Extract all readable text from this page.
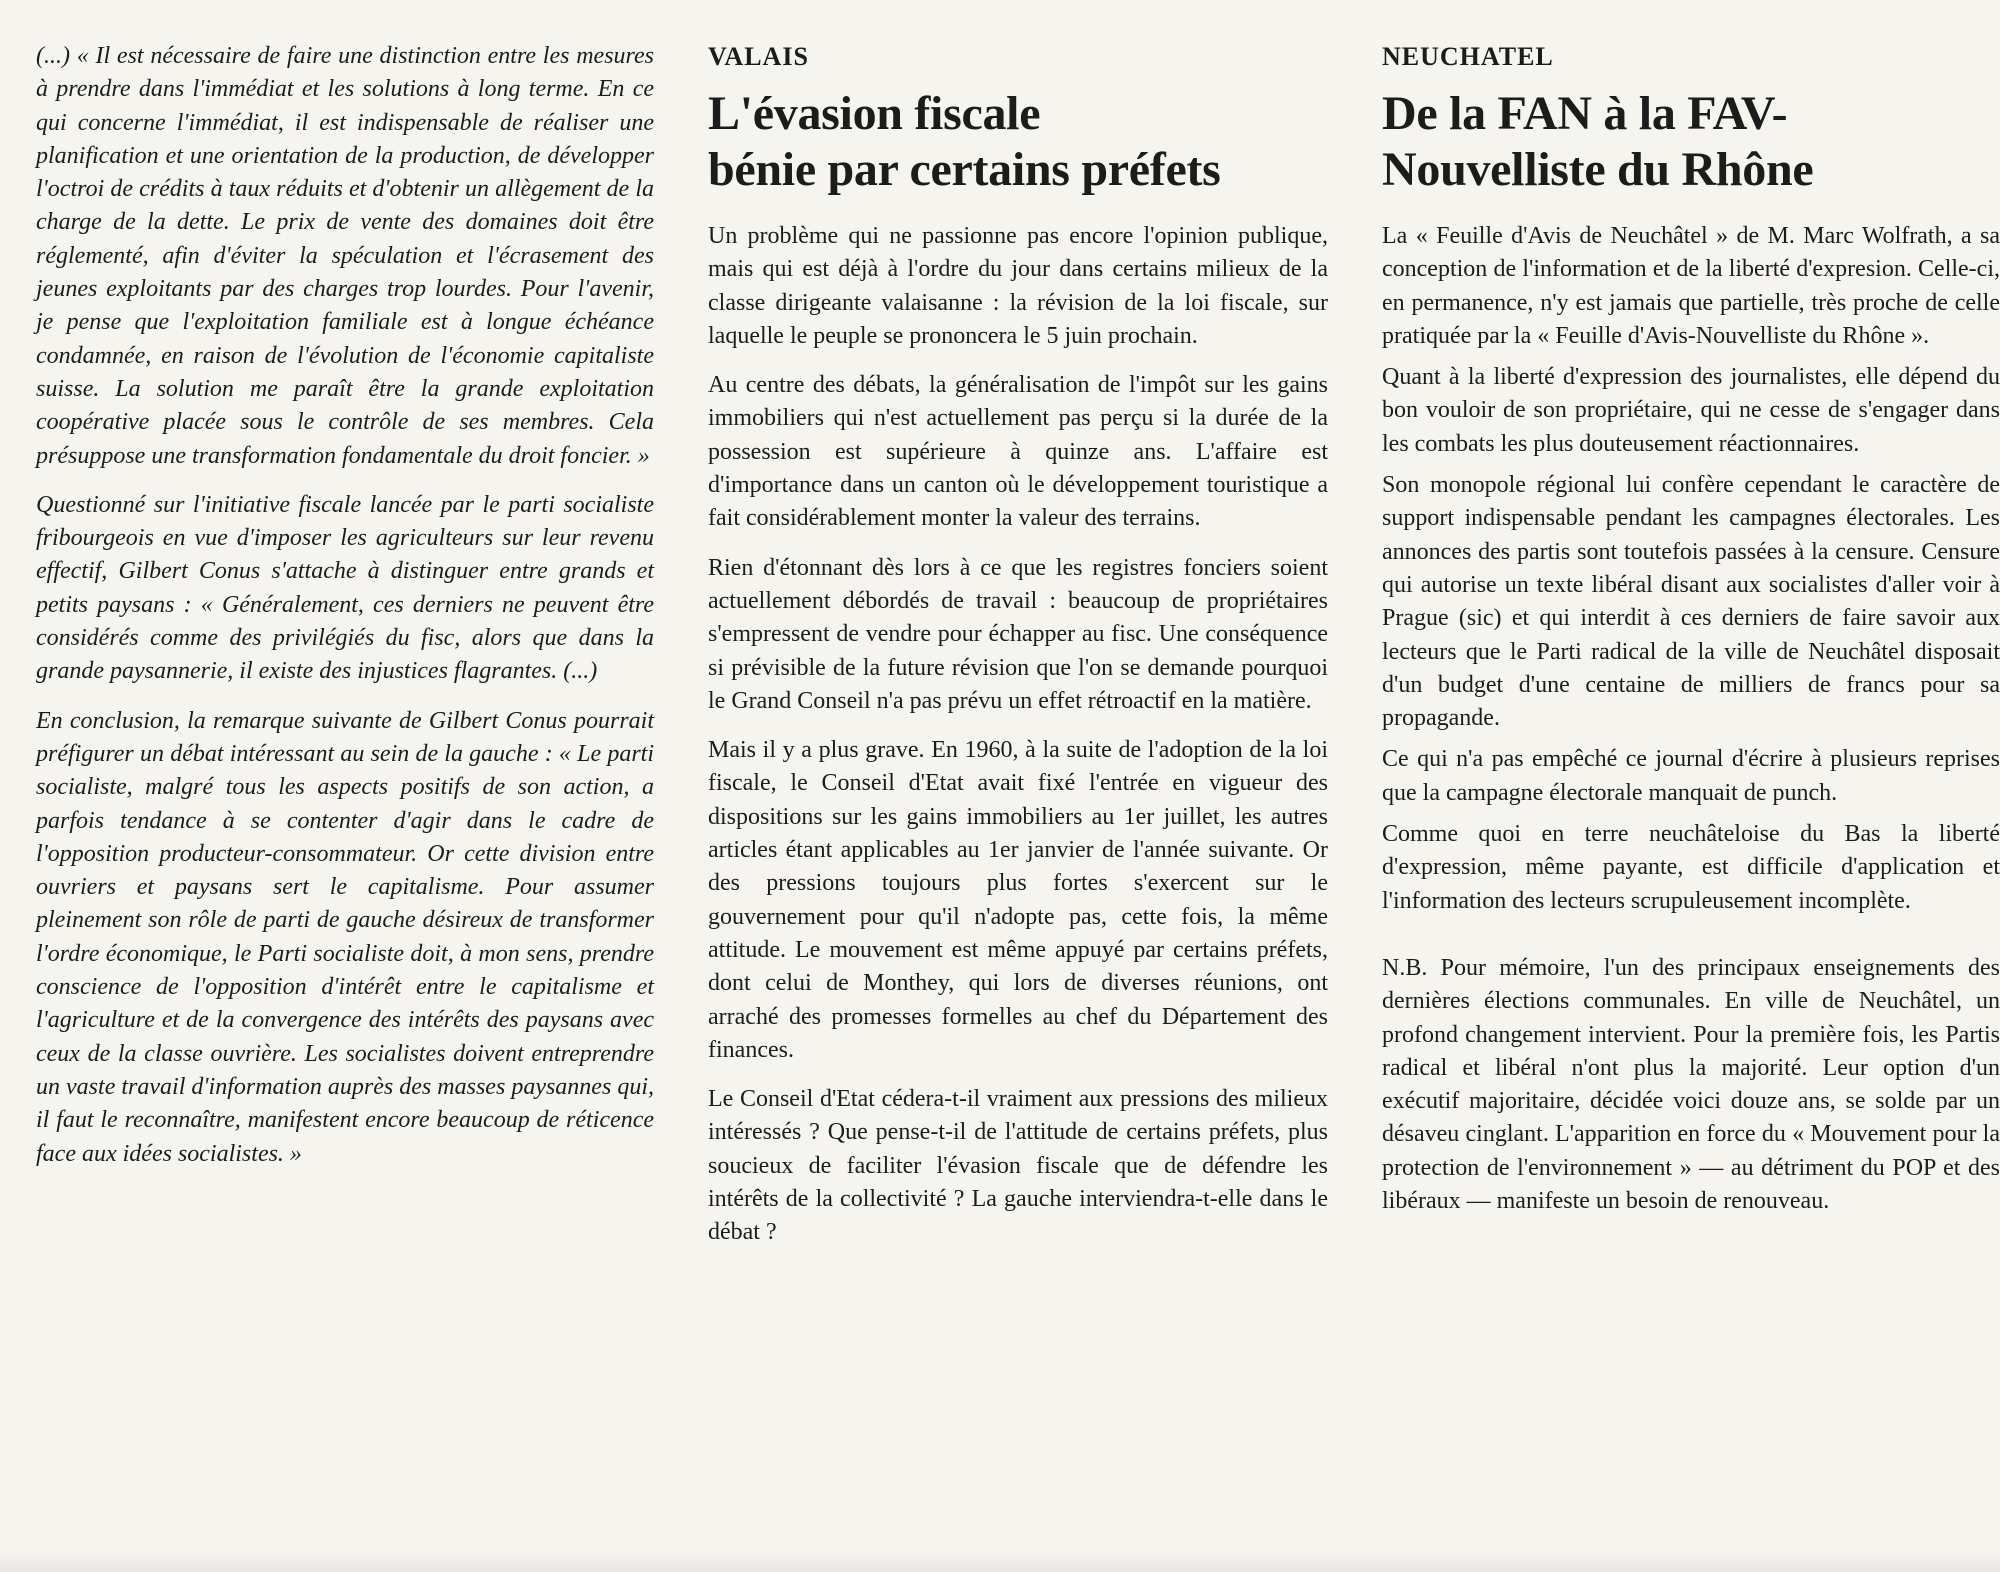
(...) « Il est nécessaire de faire une distinction entre les mesures à prendre dans l'immédiat et les solutions à long terme. En ce qui concerne l'immédiat, il est indispensable de réaliser une planification et une orientation de la production, de développer l'octroi de crédits à taux réduits et d'obtenir un allègement de la charge de la dette. Le prix de vente des domaines doit être réglementé, afin d'éviter la spéculation et l'écrasement des jeunes exploitants par des charges trop lourdes. Pour l'avenir, je pense que l'exploitation familiale est à longue échéance condamnée, en raison de l'évolution de l'économie capitaliste suisse. La solution me paraît être la grande exploitation coopérative placée sous le contrôle de ses membres. Cela présuppose une transformation fondamentale du droit foncier. »

Questionné sur l'initiative fiscale lancée par le parti socialiste fribourgeois en vue d'imposer les agriculteurs sur leur revenu effectif, Gilbert Conus s'attache à distinguer entre grands et petits paysans : « Généralement, ces derniers ne peuvent être considérés comme des privilégiés du fisc, alors que dans la grande paysannerie, il existe des injustices flagrantes. (...)

En conclusion, la remarque suivante de Gilbert Conus pourrait préfigurer un débat intéressant au sein de la gauche : « Le parti socialiste, malgré tous les aspects positifs de son action, a parfois tendance à se contenter d'agir dans le cadre de l'opposition producteur-consommateur. Or cette division entre ouvriers et paysans sert le capitalisme. Pour assumer pleinement son rôle de parti de gauche désireux de transformer l'ordre économique, le Parti socialiste doit, à mon sens, prendre conscience de l'opposition d'intérêt entre le capitalisme et l'agriculture et de la convergence des intérêts des paysans avec ceux de la classe ouvrière. Les socialistes doivent entreprendre un vaste travail d'information auprès des masses paysannes qui, il faut le reconnaître, manifestent encore beaucoup de réticence face aux idées socialistes. »

VALAIS
L'évasion fiscale
bénie par certains préfets

Un problème qui ne passionne pas encore l'opinion publique, mais qui est déjà à l'ordre du jour dans certains milieux de la classe dirigeante valaisanne : la révision de la loi fiscale, sur laquelle le peuple se prononcera le 5 juin prochain.

Au centre des débats, la généralisation de l'impôt sur les gains immobiliers qui n'est actuellement pas perçu si la durée de la possession est supérieure à quinze ans. L'affaire est d'importance dans un canton où le développement touristique a fait considérablement monter la valeur des terrains.

Rien d'étonnant dès lors à ce que les registres fonciers soient actuellement débordés de travail : beaucoup de propriétaires s'empressent de vendre pour échapper au fisc. Une conséquence si prévisible de la future révision que l'on se demande pourquoi le Grand Conseil n'a pas prévu un effet rétroactif en la matière.

Mais il y a plus grave. En 1960, à la suite de l'adoption de la loi fiscale, le Conseil d'Etat avait fixé l'entrée en vigueur des dispositions sur les gains immobiliers au 1er juillet, les autres articles étant applicables au 1er janvier de l'année suivante. Or des pressions toujours plus fortes s'exercent sur le gouvernement pour qu'il n'adopte pas, cette fois, la même attitude. Le mouvement est même appuyé par certains préfets, dont celui de Monthey, qui lors de diverses réunions, ont arraché des promesses formelles au chef du Département des finances.

Le Conseil d'Etat cédera-t-il vraiment aux pressions des milieux intéressés ? Que pense-t-il de l'attitude de certains préfets, plus soucieux de faciliter l'évasion fiscale que de défendre les intérêts de la collectivité ? La gauche interviendra-t-elle dans le débat ?

NEUCHATEL
De la FAN à la FAV-
Nouvelliste du Rhône

La « Feuille d'Avis de Neuchâtel » de M. Marc Wolfrath, a sa conception de l'information et de la liberté d'expresion. Celle-ci, en permanence, n'y est jamais que partielle, très proche de celle pratiquée par la « Feuille d'Avis-Nouvelliste du Rhône ».

Quant à la liberté d'expression des journalistes, elle dépend du bon vouloir de son propriétaire, qui ne cesse de s'engager dans les combats les plus douteusement réactionnaires.

Son monopole régional lui confère cependant le caractère de support indispensable pendant les campagnes électorales. Les annonces des partis sont toutefois passées à la censure. Censure qui autorise un texte libéral disant aux socialistes d'aller voir à Prague (sic) et qui interdit à ces derniers de faire savoir aux lecteurs que le Parti radical de la ville de Neuchâtel disposait d'un budget d'une centaine de milliers de francs pour sa propagande.

Ce qui n'a pas empêché ce journal d'écrire à plusieurs reprises que la campagne électorale manquait de punch.

Comme quoi en terre neuchâteloise du Bas la liberté d'expression, même payante, est difficile d'application et l'information des lecteurs scrupuleusement incomplète.

N.B. Pour mémoire, l'un des principaux enseignements des dernières élections communales. En ville de Neuchâtel, un profond changement intervient. Pour la première fois, les Partis radical et libéral n'ont plus la majorité. Leur option d'un exécutif majoritaire, décidée voici douze ans, se solde par un désaveu cinglant. L'apparition en force du « Mouvement pour la protection de l'environnement » — au détriment du POP et des libéraux — manifeste un besoin de renouveau.
